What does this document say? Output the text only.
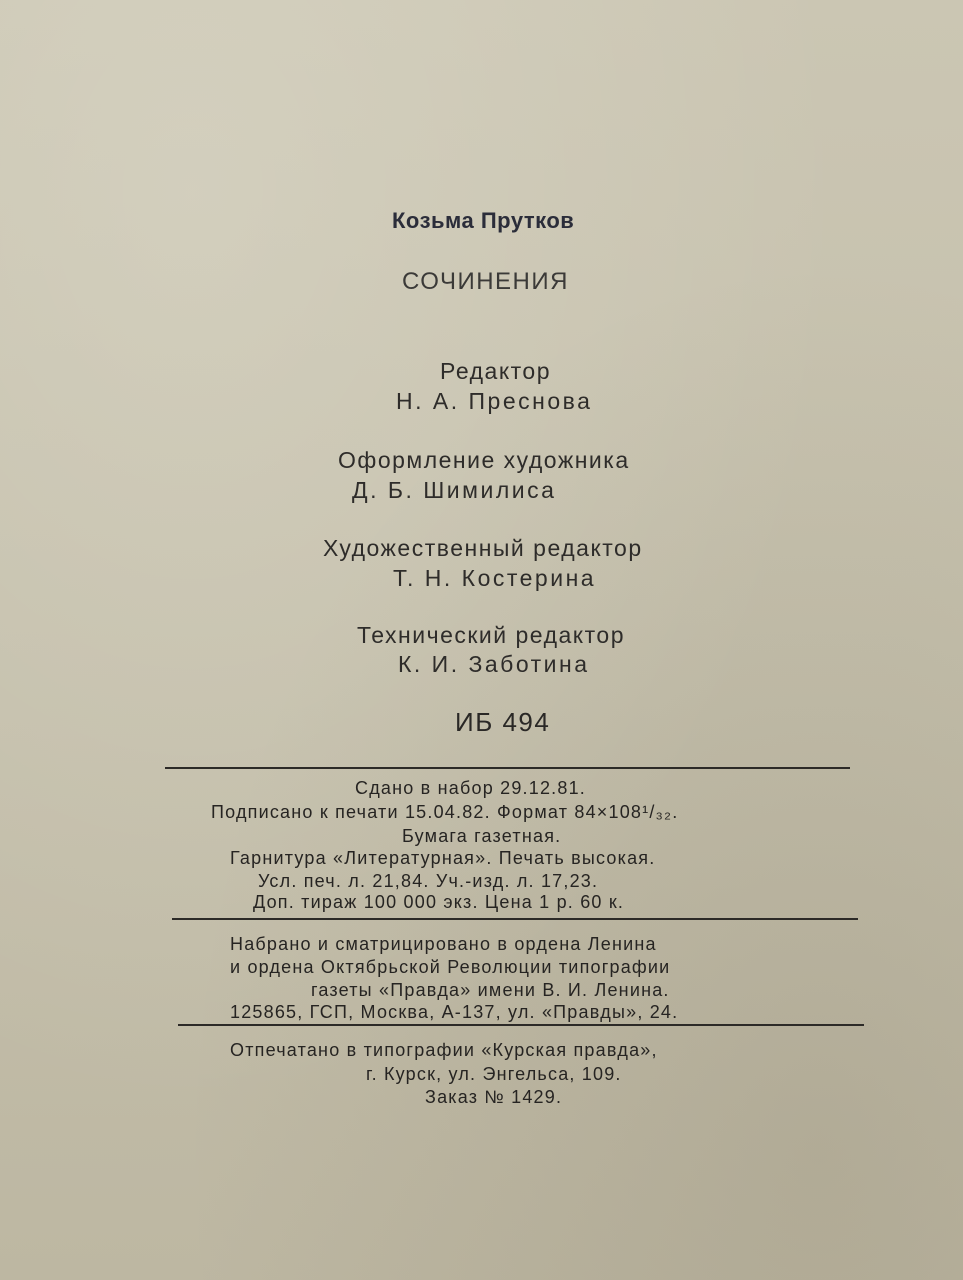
Козьма Прутков
СОЧИНЕНИЯ
Редактор
Н. А. Преснова
Оформление художника
Д. Б. Шимилиса
Художественный редактор
Т. Н. Костерина
Технический редактор
К. И. Заботина
ИБ 494
Сдано в набор 29.12.81.
Подписано к печати 15.04.82. Формат 84×108¹/₃₂.
Бумага газетная.
Гарнитура «Литературная». Печать высокая.
Усл. печ. л. 21,84. Уч.-изд. л. 17,23.
Доп. тираж 100 000 экз. Цена 1 р. 60 к.
Набрано и сматрицировано в ордена Ленина
и ордена Октябрьской Революции типографии
газеты «Правда» имени В. И. Ленина.
125865, ГСП, Москва, А-137, ул. «Правды», 24.
Отпечатано в типографии «Курская правда»,
г. Курск, ул. Энгельса, 109.
Заказ № 1429.
